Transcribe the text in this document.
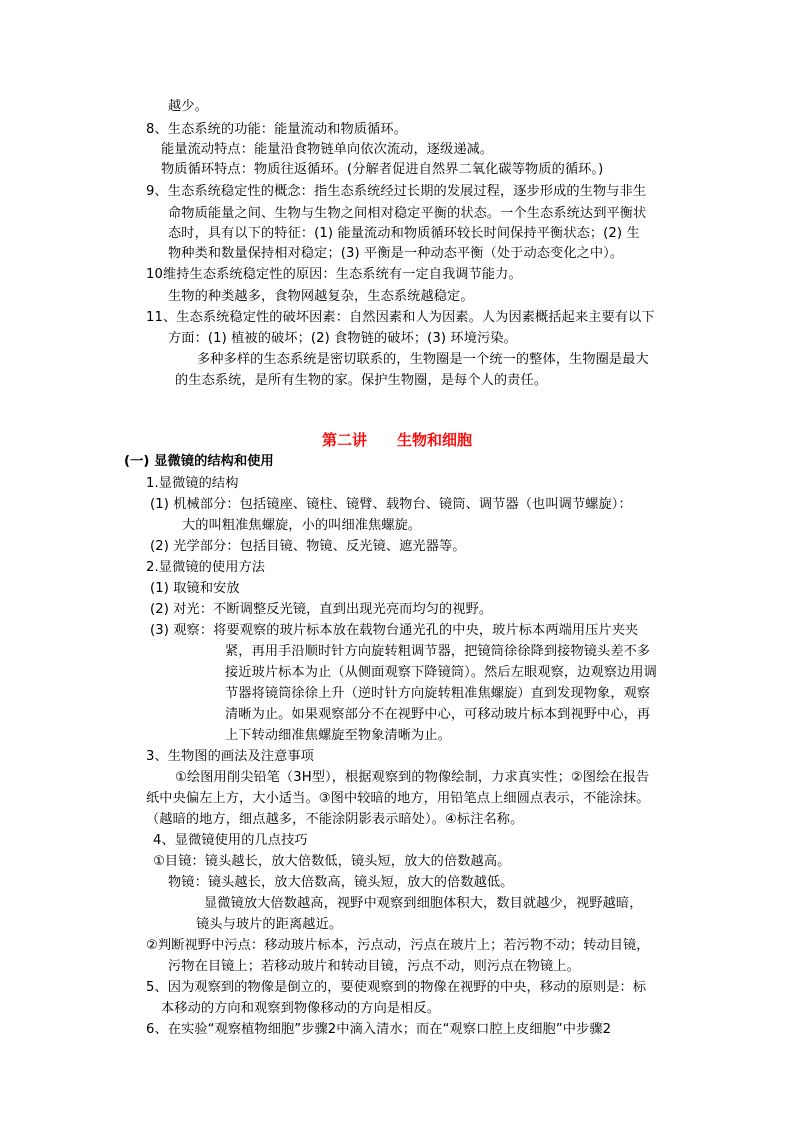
越少。
8、生态系统的功能：能量流动和物质循环。
能量流动特点：能量沿食物链单向依次流动，逐级递减。
物质循环特点：物质往返循环。(分解者促进自然界二氧化碳等物质的循环。)
9、生态系统稳定性的概念：指生态系统经过长期的发展过程，逐步形成的生物与非生
命物质能量之间、生物与生物之间相对稳定平衡的状态。一个生态系统达到平衡状
态时，具有以下的特征：(1) 能量流动和物质循环较长时间保持平衡状态；(2) 生
物种类和数量保持相对稳定；(3) 平衡是一种动态平衡（处于动态变化之中）。
10维持生态系统稳定性的原因：生态系统有一定自我调节能力。
生物的种类越多，食物网越复杂，生态系统越稳定。
11、生态系统稳定性的破坏因素：自然因素和人为因素。人为因素概括起来主要有以下
方面：(1) 植被的破坏；(2) 食物链的破坏；(3) 环境污染。
多种多样的生态系统是密切联系的，生物圈是一个统一的整体，生物圈是最大
的生态系统，是所有生物的家。保护生物圈，是每个人的责任。
第二讲　　生物和细胞
(一) 显微镜的结构和使用
1.显微镜的结构
(1) 机械部分：包括镜座、镜柱、镜臂、载物台、镜筒、调节器（也叫调节螺旋）：
大的叫粗准焦螺旋，小的叫细准焦螺旋。
(2) 光学部分：包括目镜、物镜、反光镜、遮光器等。
2.显微镜的使用方法
(1) 取镜和安放
(2) 对光：不断调整反光镜，直到出现光亮而均匀的视野。
(3) 观察：将要观察的玻片标本放在载物台通光孔的中央，玻片标本两端用压片夹夹
紧，再用手沿顺时针方向旋转粗调节器，把镜筒徐徐降到接物镜头差不多
接近玻片标本为止（从侧面观察下降镜筒）。然后左眼观察，边观察边用调
节器将镜筒徐徐上升（逆时针方向旋转粗准焦螺旋）直到发现物象，观察
清晰为止。如果观察部分不在视野中心，可移动玻片标本到视野中心，再
上下转动细准焦螺旋至物象清晰为止。
3、生物图的画法及注意事项
①绘图用削尖铅笔（3H型），根据观察到的物像绘制，力求真实性；②图绘在报告
纸中央偏左上方，大小适当。③图中较暗的地方，用铅笔点上细圆点表示，不能涂抹。
（越暗的地方，细点越多，不能涂阴影表示暗处）。④标注名称。
4、显微镜使用的几点技巧
①目镜：镜头越长，放大倍数低，镜头短，放大的倍数越高。
物镜：镜头越长，放大倍数高，镜头短，放大的倍数越低。
显微镜放大倍数越高，视野中观察到细胞体积大，数目就越少，视野越暗，
镜头与玻片的距离越近。
②判断视野中污点：移动玻片标本，污点动，污点在玻片上；若污物不动；转动目镜，
污物在目镜上；若移动玻片和转动目镜，污点不动，则污点在物镜上。
5、因为观察到的物像是倒立的，要使观察到的物像在视野的中央，移动的原则是：标
本移动的方向和观察到物像移动的方向是相反。
6、在实验“观察植物细胞”步骤2中滴入清水；而在“观察口腔上皮细胞”中步骤2
